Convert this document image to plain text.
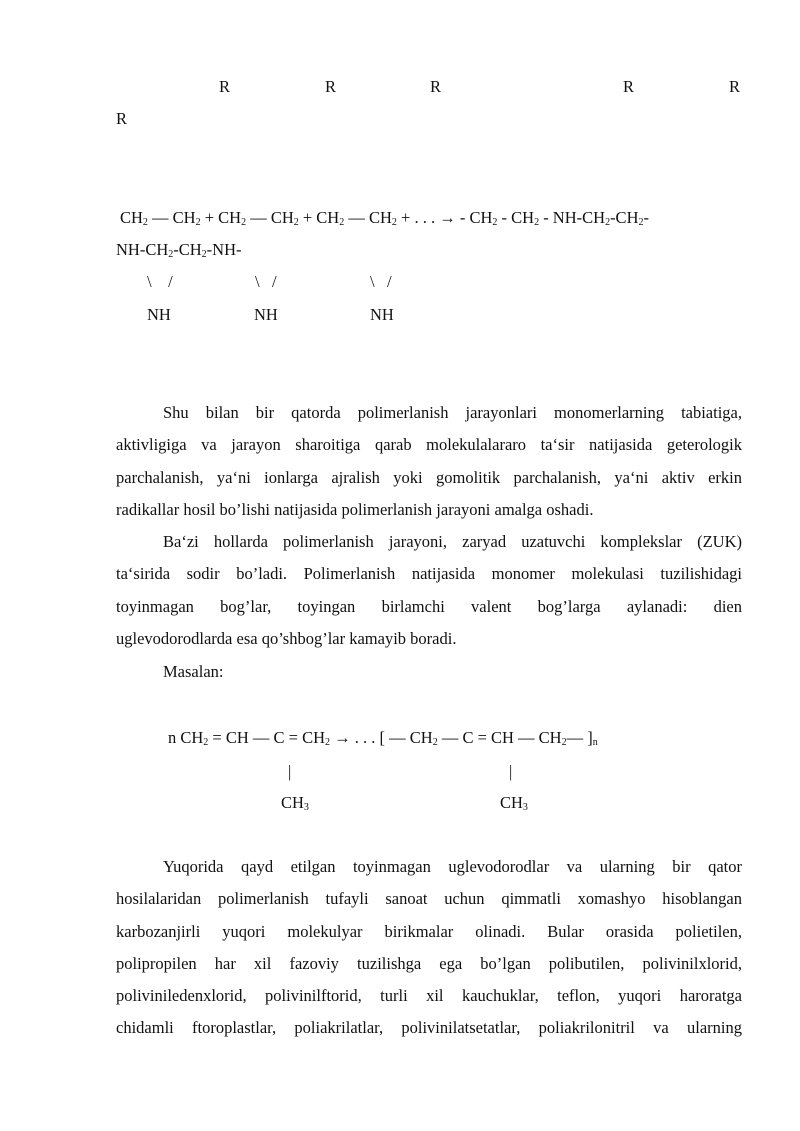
R	R	R	R	R
R
$CH_2$ — $CH_2 + CH_2$ — $CH_2 + CH_2$ — $CH_2$ + . . . → - $CH_2 - CH_2 - NH-CH_2-CH_2-$
$NH-CH_2-CH_2-NH-$
\    /	\   /	\   /
NH	NH	NH
Shu bilan bir qatorda polimerlanish jarayonlari monomerlarning tabiatiga,
aktivligiga va jarayon sharoitiga qarab molekulalararo ta‘sir natijasida geterologik
parchalanish, ya‘ni ionlarga ajralish yoki gomolitik parchalanish, ya‘ni aktiv erkin
radikallar hosil bo’lishi natijasida polimerlanish jarayoni amalga oshadi.
Ba‘zi hollarda polimerlanish jarayoni, zaryad uzatuvchi komplekslar (ZUK)
ta‘sirida sodir bo’ladi. Polimerlanish natijasida monomer molekulasi tuzilishidagi
toyinmagan bog’lar, toyingan birlamchi valent bog’larga aylanadi: dien
uglevodorodlarda esa qo’shbog’lar kamayib boradi.
Masalan:
n $CH_2$ = CH — $C = CH_2$ → . . . [ — $CH_2$ — C = CH — $CH_2—$ ]$_n$
|	|
$CH_3$	$CH_3$
Yuqorida qayd etilgan toyinmagan uglevodorodlar va ularning bir qator
hosilalaridan polimerlanish tufayli sanoat uchun qimmatli xomashyo hisoblangan
karbozanjirli yuqori molekulyar birikmalar olinadi. Bular orasida polietilen,
polipropilen har xil fazoviy tuzilishga ega bo’lgan polibutilen, polivinilxlorid,
poliviniledenxlorid, polivinilftorid, turli xil kauchuklar, teflon, yuqori haroratga
chidamli ftoroplastlar, poliakrilatlar, polivinilatsetatlar, poliakrilonitril va ularning
